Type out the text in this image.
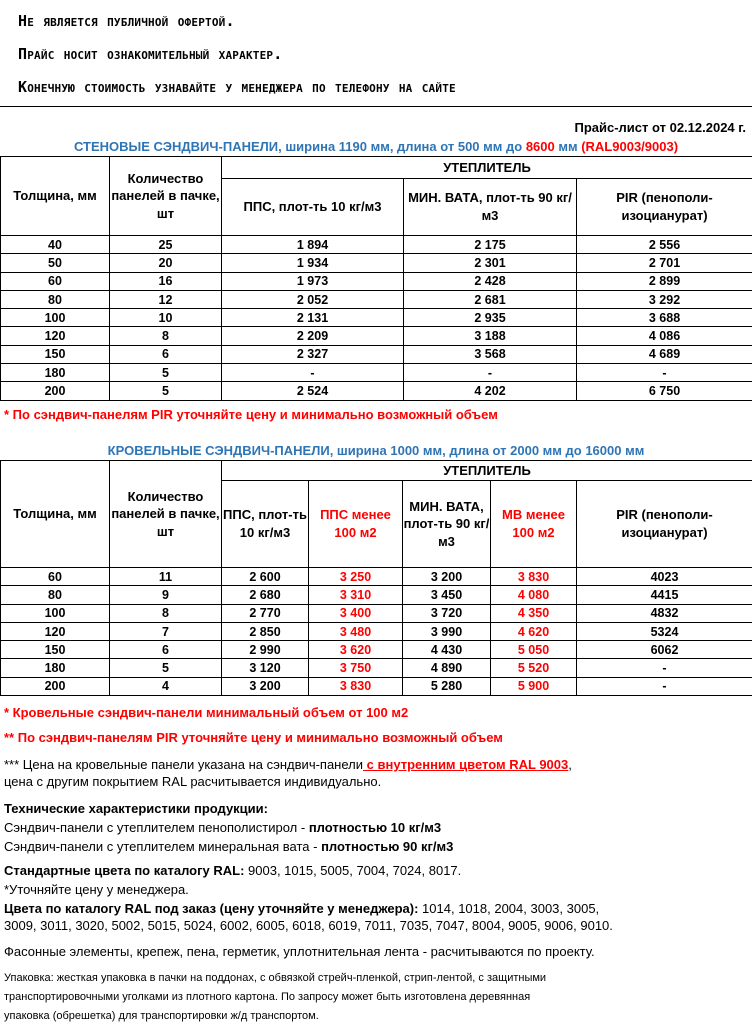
Не является публичной офертой.
Прайс носит ознакомительный характер.
Конечную стоимость узнавайте у менеджера по телефону на сайте
Прайс-лист от 02.12.2024 г.
СТЕНОВЫЕ СЭНДВИЧ-ПАНЕЛИ, ширина 1190 мм, длина от 500 мм до 8600 мм (RAL9003/9003)
Толщина, мм	Количество панелей в пачке, шт	УТЕПЛИТЕЛЬ		
		ППС, плот-ть 10 кг/м3	МИН. ВАТА, плот-ть 90 кг/м3	PIR (пенополи-изоцианурат)
40	25	1 894	2 175	2 556
50	20	1 934	2 301	2 701
60	16	1 973	2 428	2 899
80	12	2 052	2 681	3 292
100	10	2 131	2 935	3 688
120	8	2 209	3 188	4 086
150	6	2 327	3 568	4 689
180	5	-	-	-
200	5	2 524	4 202	6 750
* По сэндвич-панелям PIR уточняйте цену и минимально возможный объем
КРОВЕЛЬНЫЕ СЭНДВИЧ-ПАНЕЛИ, ширина 1000 мм, длина от 2000 мм до 16000 мм
Толщина, мм	Количество панелей в пачке, шт	УТЕПЛИТЕЛЬ				
		ППС, плот-ть 10 кг/м3	ППС менее 100 м2	МИН. ВАТА, плот-ть 90 кг/м3	МВ менее 100 м2	PIR (пенополи-изоцианурат)
60	11	2 600	3 250	3 200	3 830	4023
80	9	2 680	3 310	3 450	4 080	4415
100	8	2 770	3 400	3 720	4 350	4832
120	7	2 850	3 480	3 990	4 620	5324
150	6	2 990	3 620	4 430	5 050	6062
180	5	3 120	3 750	4 890	5 520	-
200	4	3 200	3 830	5 280	5 900	-
* Кровельные сэндвич-панели минимальный объем от 100 м2
** По сэндвич-панелям PIR уточняйте цену и минимально возможный объем
*** Цена на кровельные панели указана на сэндвич-панели с внутренним цветом RAL 9003,
цена с другим покрытием RAL расчитывается индивидуально.
Технические характеристики продукции:
Сэндвич-панели с утеплителем пенополистирол - плотностью 10 кг/м3
Сэндвич-панели с утеплителем минеральная вата - плотностью 90 кг/м3
Стандартные цвета по каталогу RAL: 9003, 1015, 5005, 7004, 7024, 8017.
*Уточняйте цену у менеджера.
Цвета по каталогу RAL под заказ (цену уточняйте у менеджера): 1014, 1018, 2004, 3003, 3005,
3009, 3011, 3020, 5002, 5015, 5024, 6002, 6005, 6018, 6019, 7011, 7035, 7047, 8004, 9005, 9006, 9010.
Фасонные элементы, крепеж, пена, герметик, уплотнительная лента - расчитываются по проекту.
Упаковка: жесткая упаковка в пачки на поддонах, с обвязкой стрейч-пленкой, стрип-лентой, с защитными
транспортировочными уголками из плотного картона. По запросу может быть изготовлена деревянная
упаковка (обрешетка) для транспортировки ж/д транспортом.
